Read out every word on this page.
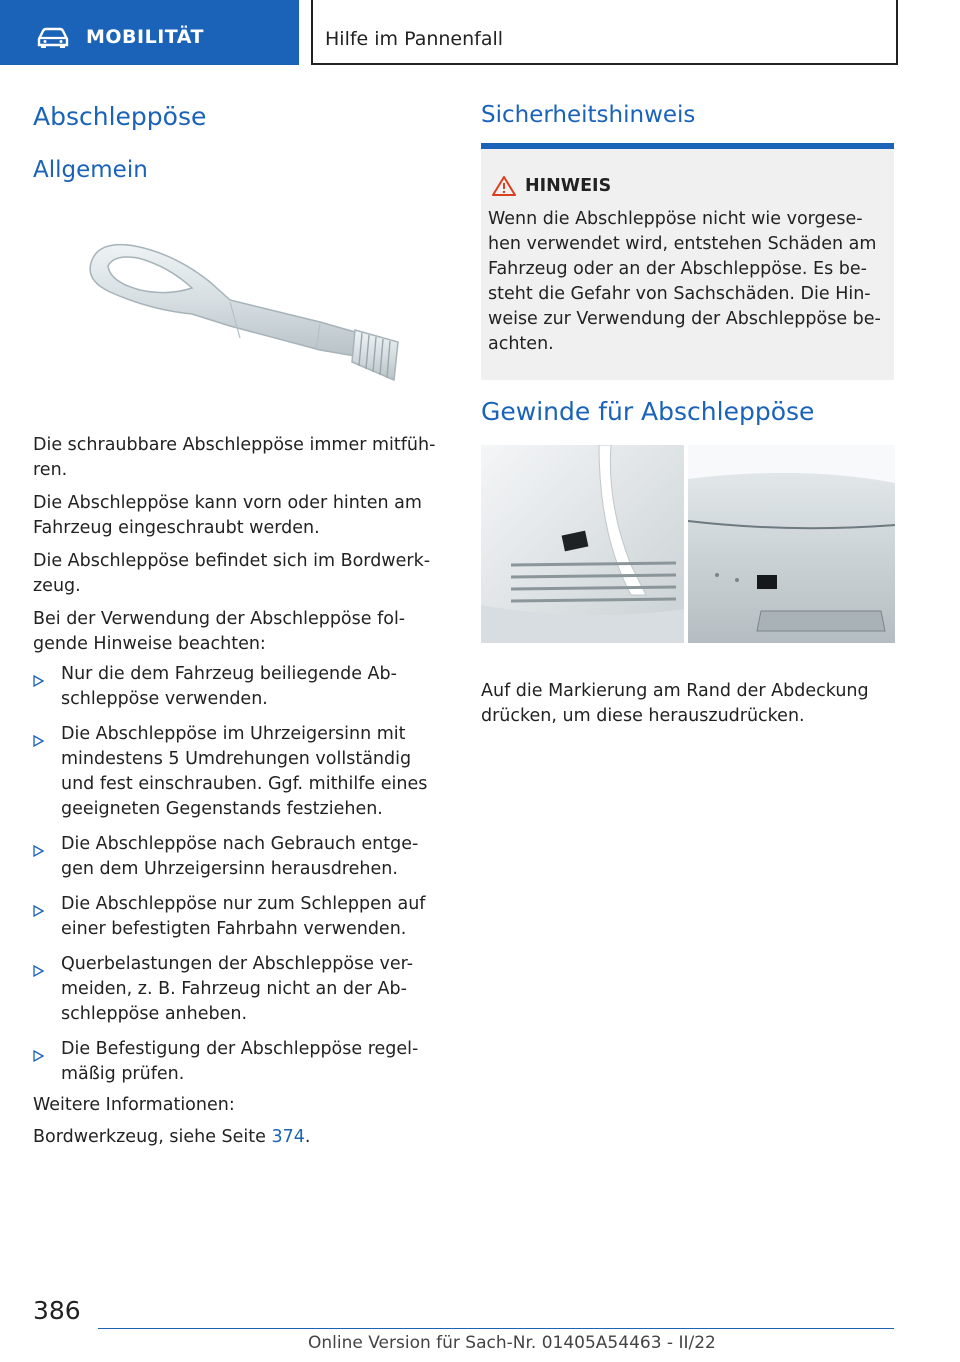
MOBILITÄT	Hilfe im Pannenfall
Abschleppöse
Allgemein

Die schraubbare Abschleppöse immer mitfüh-ren.

Die Abschleppöse kann vorn oder hinten am Fahrzeug eingeschraubt werden.

Die Abschleppöse befindet sich im Bordwerk-zeug.

Bei der Verwendung der Abschleppöse fol-gende Hinweise beachten:

Nur die dem Fahrzeug beiliegende Ab-schleppöse verwenden.
Die Abschleppöse im Uhrzeigersinn mit mindestens 5 Umdrehungen vollständig und fest einschrauben. Ggf. mithilfe eines geeigneten Gegenstands festziehen.
Die Abschleppöse nach Gebrauch entge-gen dem Uhrzeigersinn herausdrehen.
Die Abschleppöse nur zum Schleppen auf einer befestigten Fahrbahn verwenden.
Querbelastungen der Abschleppöse ver-meiden, z. B. Fahrzeug nicht an der Ab-schleppöse anheben.
Die Befestigung der Abschleppöse regel-mäßig prüfen.

Weitere Informationen:

Bordwerkzeug, siehe Seite 374.

Sicherheitshinweis
HINWEIS
Wenn die Abschleppöse nicht wie vorgese-hen verwendet wird, entstehen Schäden am Fahrzeug oder an der Abschleppöse. Es be-steht die Gefahr von Sachschäden. Die Hin-weise zur Verwendung der Abschleppöse be-achten.
Gewinde für Abschleppöse

Auf die Markierung am Rand der Abdeckung drücken, um diese herauszudrücken.

386
Online Version für Sach-Nr. 01405A54463 - II/22
